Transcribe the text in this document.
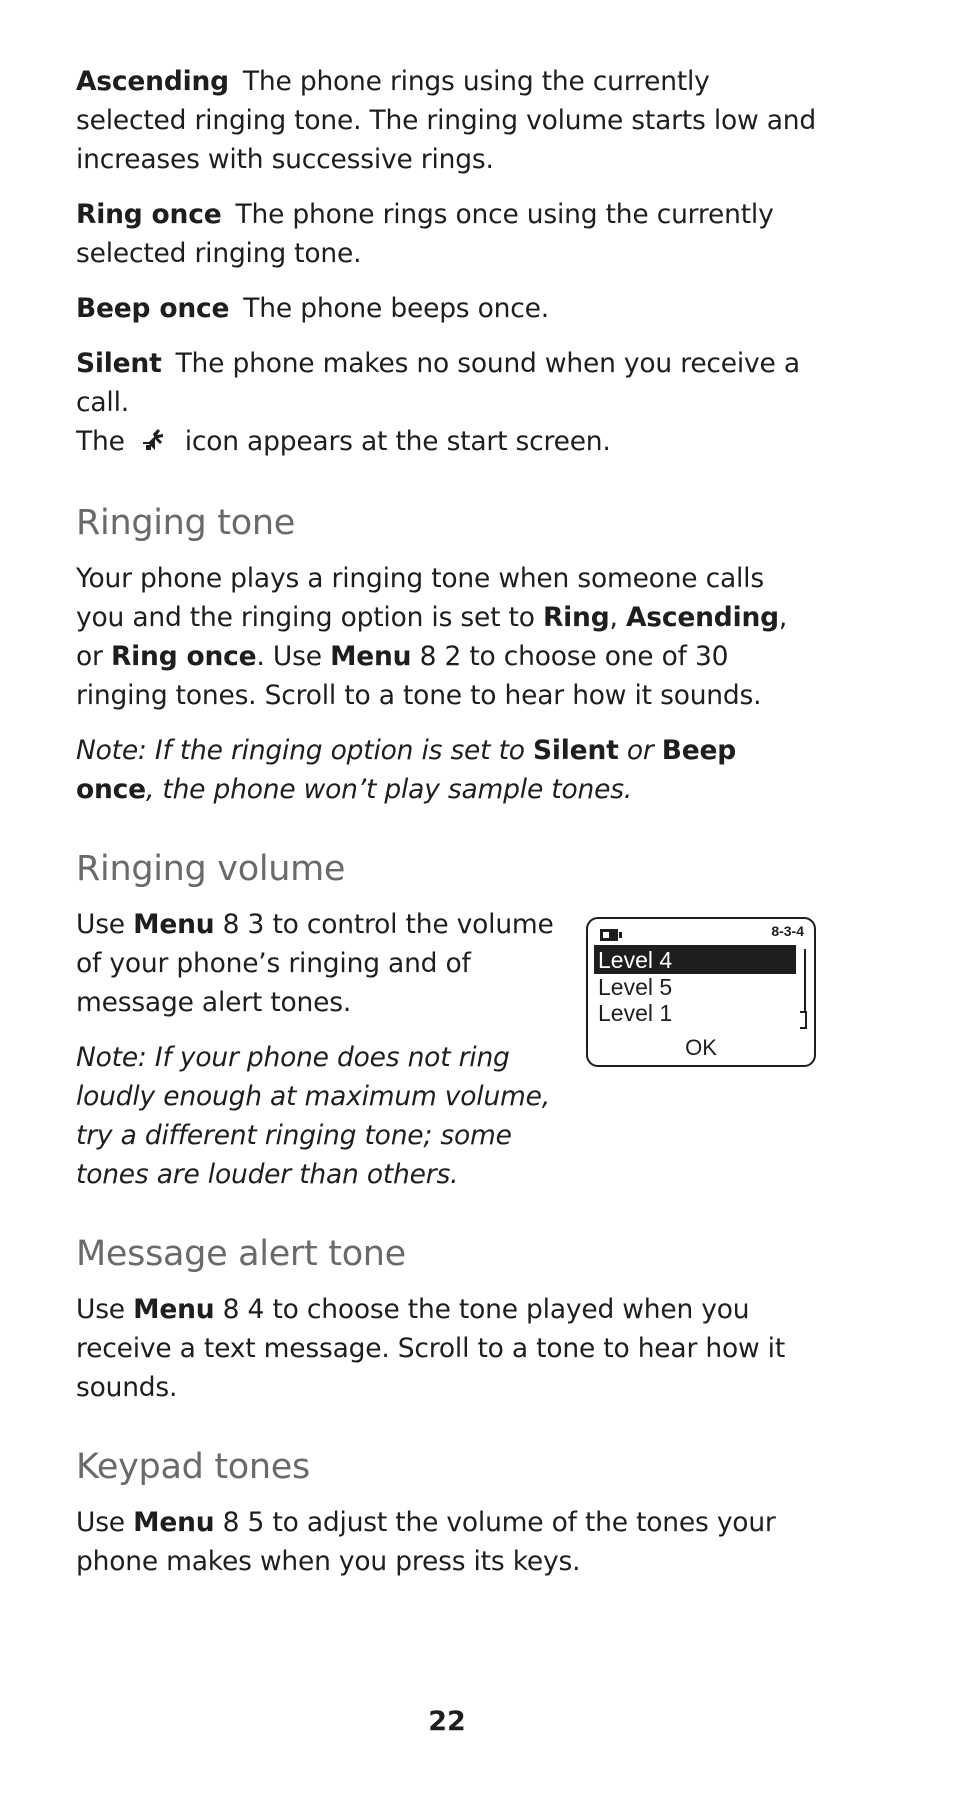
Ascending The phone rings using the currently selected ringing tone. The ringing volume starts low and increases with successive rings.

Ring once The phone rings once using the currently selected ringing tone.

Beep once The phone beeps once.

Silent The phone makes no sound when you receive a call.
The icon appears at the start screen.

Ringing tone

Your phone plays a ringing tone when someone calls you and the ringing option is set to Ring, Ascending, or Ring once. Use Menu 8 2 to choose one of 30 ringing tones. Scroll to a tone to hear how it sounds.

Note: If the ringing option is set to Silent or Beep once, the phone won’t play sample tones.

Ringing volume
8-3-4
Level 4
Level 5
Level 1
OK

Use Menu 8 3 to control the volume of your phone’s ringing and of message alert tones.

Note: If your phone does not ring loudly enough at maximum volume, try a different ringing tone; some tones are louder than others.

Message alert tone

Use Menu 8 4 to choose the tone played when you receive a text message. Scroll to a tone to hear how it sounds.

Keypad tones

Use Menu 8 5 to adjust the volume of the tones your phone makes when you press its keys.

22
